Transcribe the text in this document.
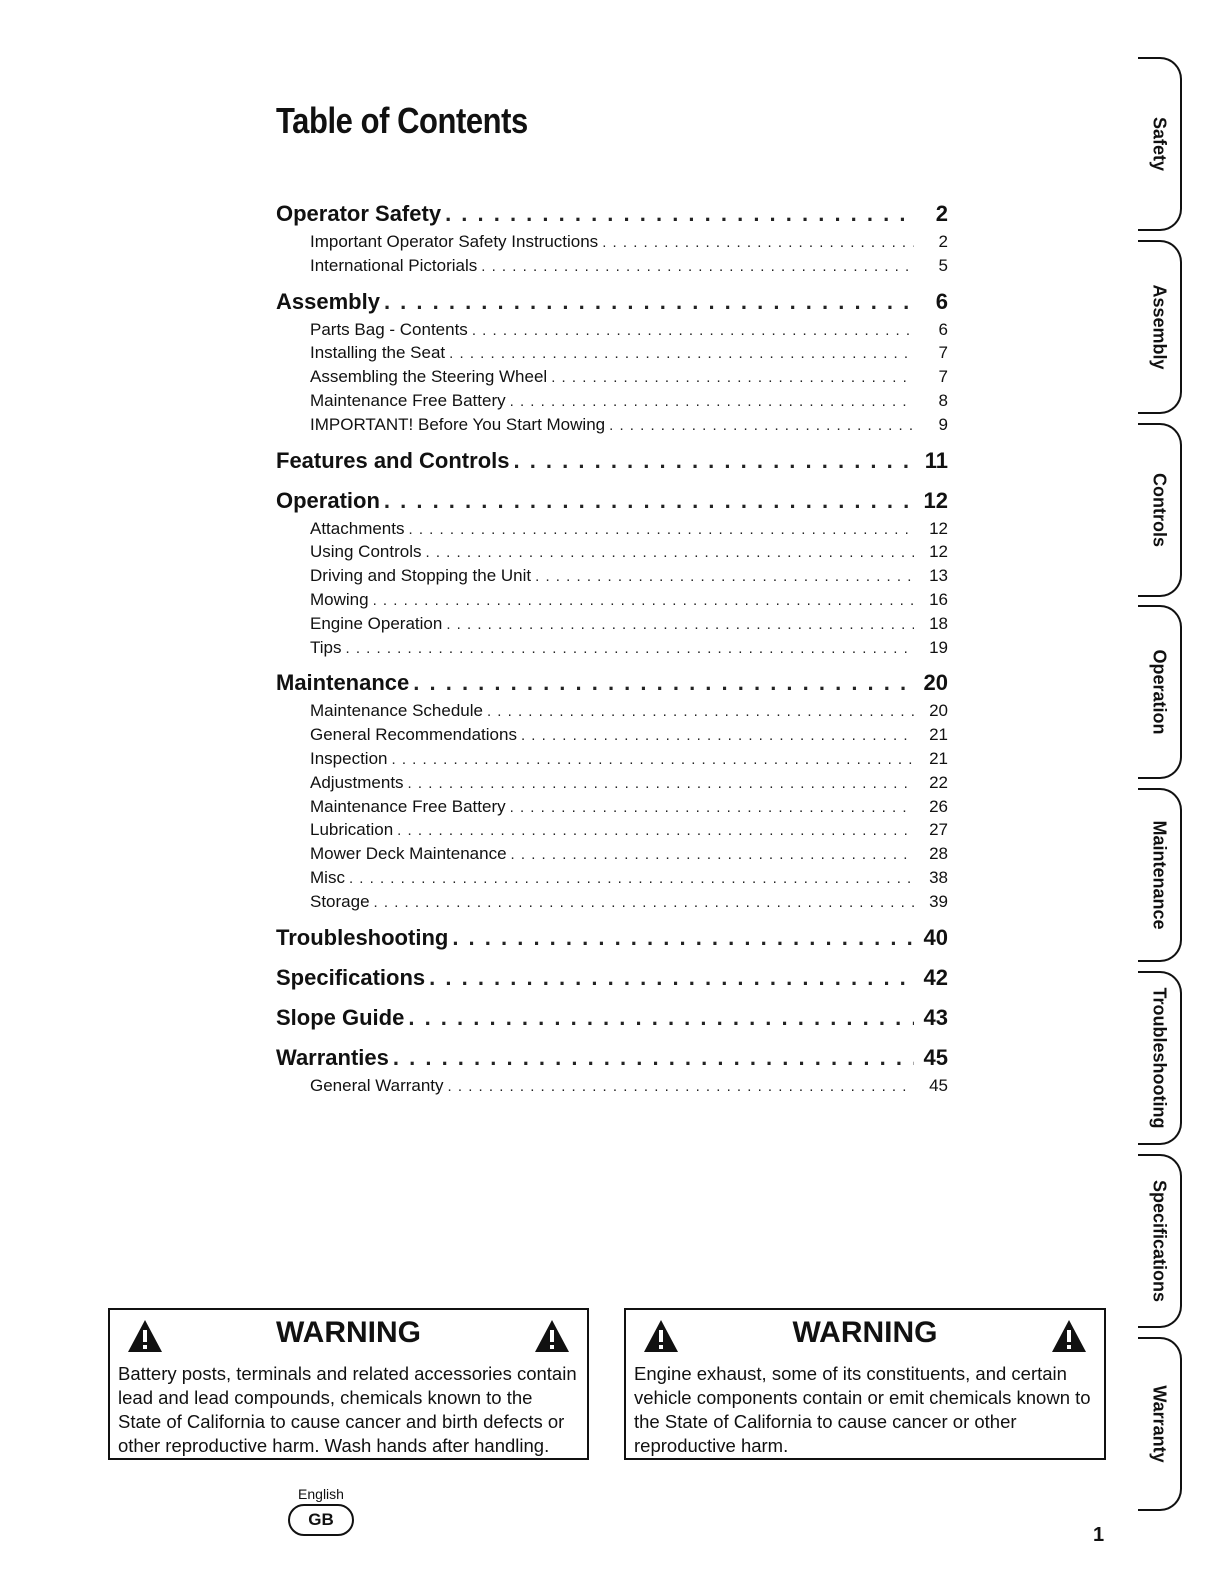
Table of Contents
Operator Safety . . .	2
Important Operator Safety Instructions . . .	2
International Pictorials . . .	5
Assembly . . .	6
Parts Bag - Contents . . .	6
Installing the Seat . . .	7
Assembling the Steering Wheel . . .	7
Maintenance Free Battery . . .	8
IMPORTANT! Before You Start Mowing . . .	9
Features and Controls . . .	11
Operation . . .	12
Attachments . . .	12
Using Controls . . .	12
Driving and Stopping the Unit . . .	13
Mowing . . .	16
Engine Operation . . .	18
Tips . . .	19
Maintenance . . .	20
Maintenance Schedule . . .	20
General Recommendations . . .	21
Inspection . . .	21
Adjustments . . .	22
Maintenance Free Battery . . .	26
Lubrication . . .	27
Mower Deck Maintenance . . .	28
Misc . . .	38
Storage . . .	39
Troubleshooting . . .	40
Specifications . . .	42
Slope Guide . . .	43
Warranties . . .	45
General Warranty . . .	45
Safety
Assembly
Controls
Operation
Maintenance
Troubleshooting
Specifications
Warranty
WARNING
Battery posts, terminals and related accessories contain lead and lead compounds, chemicals known to the State of California to cause cancer and birth defects or other reproductive harm. Wash hands after handling.
WARNING
Engine exhaust, some of its constituents, and certain vehicle components contain or emit chemicals known to the State of California to cause cancer or other reproductive harm.
English
GB
1
